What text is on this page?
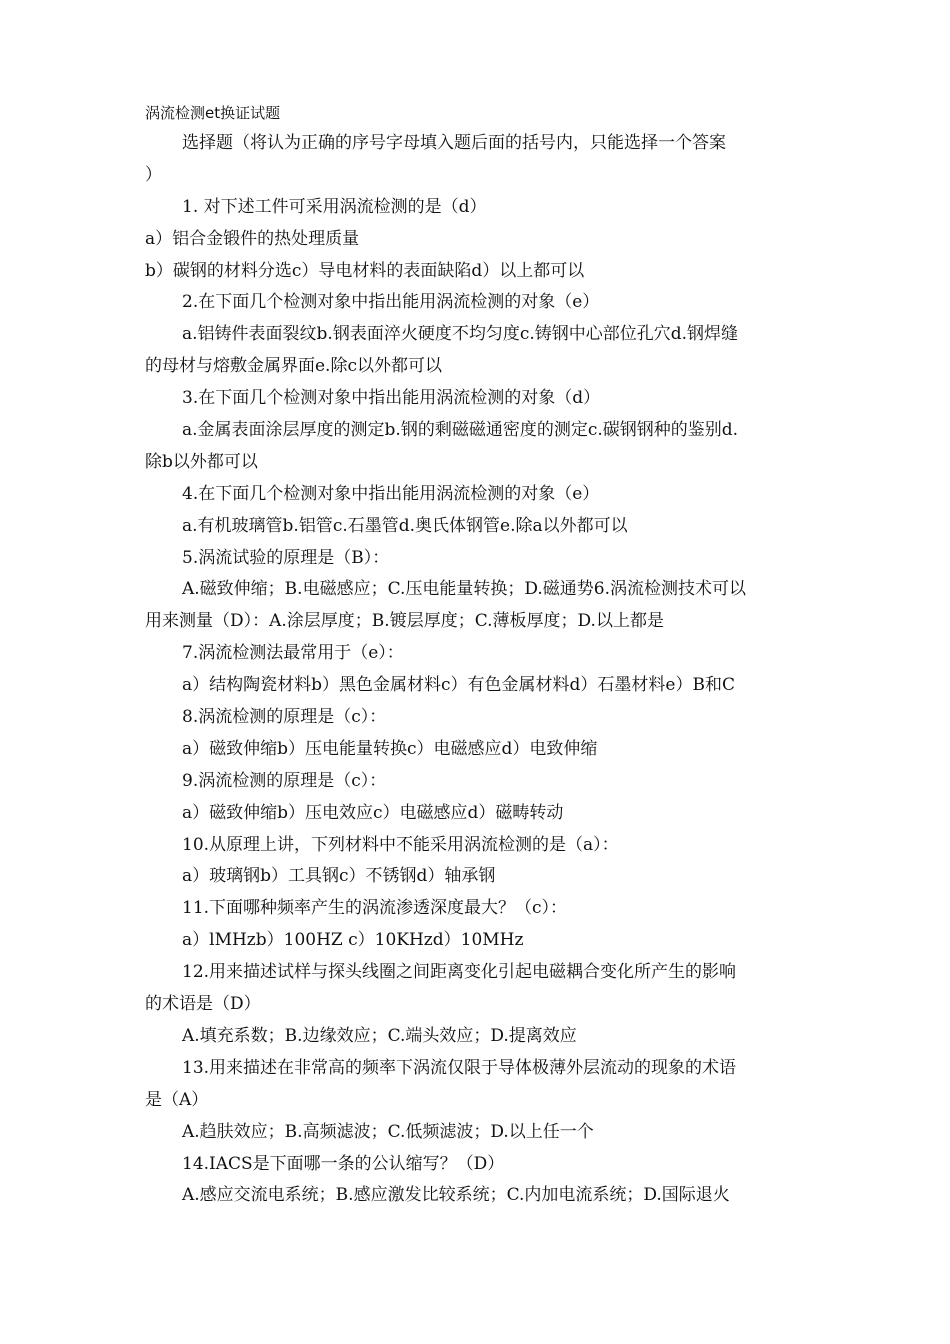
涡流检测et换证试题
选择题（将认为正确的序号字母填入题后面的括号内，只能选择一个答案
）
1. 对下述工件可采用涡流检测的是（d）
a）铝合金锻件的热处理质量
b）碳钢的材料分选c）导电材料的表面缺陷d）以上都可以
2.在下面几个检测对象中指出能用涡流检测的对象（e）
a.铝铸件表面裂纹b.钢表面淬火硬度不均匀度c.铸钢中心部位孔穴d.钢焊缝
的母材与熔敷金属界面e.除c以外都可以
3.在下面几个检测对象中指出能用涡流检测的对象（d）
a.金属表面涂层厚度的测定b.钢的剩磁磁通密度的测定c.碳钢钢种的鉴别d.
除b以外都可以
4.在下面几个检测对象中指出能用涡流检测的对象（e）
a.有机玻璃管b.铝管c.石墨管d.奥氏体钢管e.除a以外都可以
5.涡流试验的原理是（B）：
A.磁致伸缩；B.电磁感应；C.压电能量转换；D.磁通势6.涡流检测技术可以
用来测量（D）：A.涂层厚度；B.镀层厚度；C.薄板厚度；D.以上都是
7.涡流检测法最常用于（e）：
a）结构陶瓷材料b）黑色金属材料c）有色金属材料d）石墨材料e）B和C
8.涡流检测的原理是（c）：
a）磁致伸缩b）压电能量转换c）电磁感应d）电致伸缩
9.涡流检测的原理是（c）：
a）磁致伸缩b）压电效应c）电磁感应d）磁畴转动
10.从原理上讲，下列材料中不能采用涡流检测的是（a）：
a）玻璃钢b）工具钢c）不锈钢d）轴承钢
11.下面哪种频率产生的涡流渗透深度最大？（c）：
a）lMHzb）100HZ c）10KHzd）10MHz
12.用来描述试样与探头线圈之间距离变化引起电磁耦合变化所产生的影响
的术语是（D）
A.填充系数；B.边缘效应；C.端头效应；D.提离效应
13.用来描述在非常高的频率下涡流仅限于导体极薄外层流动的现象的术语
是（A）
A.趋肤效应；B.高频滤波；C.低频滤波；D.以上任一个
14.IACS是下面哪一条的公认缩写？（D）
A.感应交流电系统；B.感应激发比较系统；C.内加电流系统；D.国际退火
